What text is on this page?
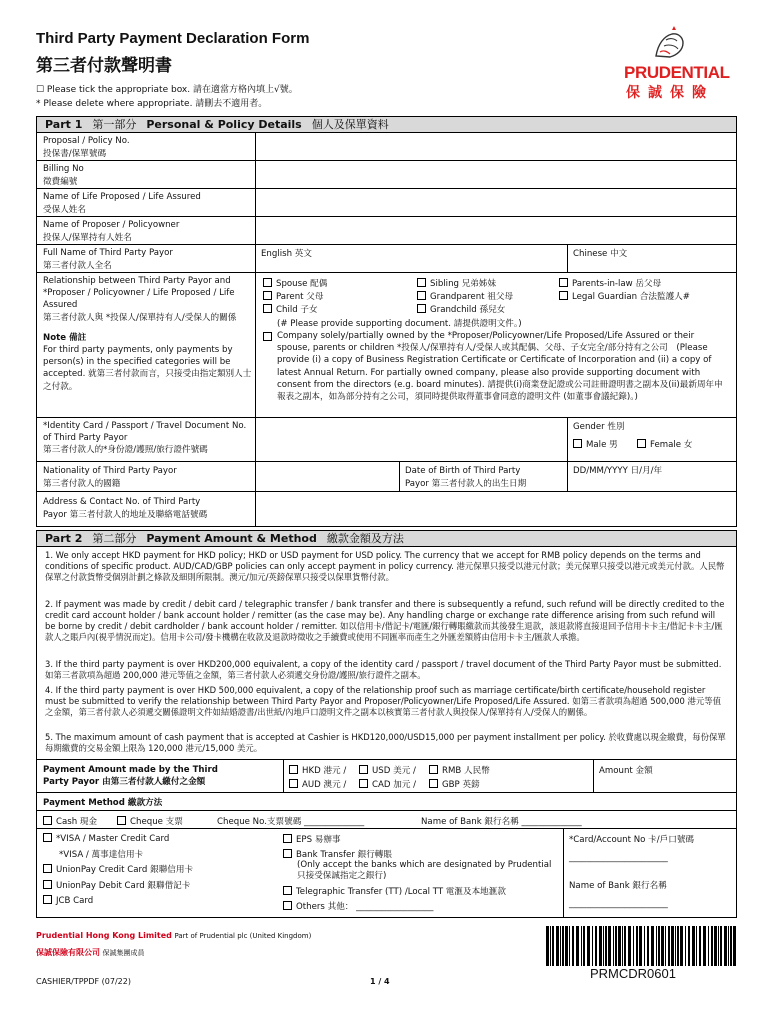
Third Party Payment Declaration Form
第三者付款聲明書
☐ Please tick the appropriate box. 請在適當方格內填上√號。
* Please delete where appropriate. 請刪去不適用者。
PRUDENTIAL
保誠保險
Part 1 第一部分 Personal & Policy Details 個人及保單資料
Proposal / Policy No.
投保書/保單號碼
Billing No
徵費編號
Name of Life Proposed / Life Assured
受保人姓名
Name of Proposer / Policyowner
投保人/保單持有人姓名
Full Name of Third Party Payor
第三者付款人全名
English 英文	Chinese 中文
Relationship between Third Party Payor and *Proposer / Policyowner / Life Proposed / Life Assured
第三者付款人與 *投保人/保單持有人/受保人的關係
Note 備註
For third party payments, only payments by person(s) in the specified categories will be accepted. 就第三者付款而言，只接受由指定類別人士之付款。
Spouse 配偶
Parent 父母
Child 子女
Sibling 兄弟姊妹
Grandparent 祖父母
Grandchild 孫兒女
Parents-in-law 岳父母
Legal Guardian 合法監護人#
(# Please provide supporting document. 請提供證明文件。)
Company solely/partially owned by the *Proposer/Policyowner/Life Proposed/Life Assured or their spouse, parents or children *投保人/保單持有人/受保人或其配偶、父母、子女完全/部分持有之公司　(Please provide (i) a copy of Business Registration Certificate or Certificate of Incorporation and (ii) a copy of latest Annual Return. For partially owned company, please also provide supporting document with consent from the directors (e.g. board minutes). 請提供(i)商業登記證或公司註冊證明書之副本及(ii)最新周年申報表之副本，如為部分持有之公司，須同時提供取得董事會同意的證明文件 (如董事會議紀錄)。)
*Identity Card / Passport / Travel Document No. of Third Party Payor
第三者付款人的*身份證/護照/旅行證件號碼
Gender 性別
Male 男	Female 女
Nationality of Third Party Payor
第三者付款人的國籍
Date of Birth of Third Party
Payor 第三者付款人的出生日期
DD/MM/YYYY 日/月/年
Address & Contact No. of Third Party
Payor 第三者付款人的地址及聯絡電話號碼
Part 2 第二部分 Payment Amount & Method 繳款金額及方法
1. We only accept HKD payment for HKD policy; HKD or USD payment for USD policy. The currency that we accept for RMB policy depends on the terms and conditions of specific product. AUD/CAD/GBP policies can only accept payment in policy currency. 港元保單只接受以港元付款；美元保單只接受以港元或美元付款。人民幣保單之付款貨幣受個別計劃之條款及細則所限制。澳元/加元/英鎊保單只接受以保單貨幣付款。
2. If payment was made by credit / debit card / telegraphic transfer / bank transfer and there is subsequently a refund, such refund will be directly credited to the credit card account holder / bank account holder / remitter (as the case may be). Any handling charge or exchange rate difference arising from such refund will be borne by credit / debit cardholder / bank account holder / remitter. 如以信用卡/借記卡/電匯/銀行轉賬繳款而其後發生退款，該退款將直接退回予信用卡卡主/借記卡卡主/匯款人之賬戶內(視乎情況而定)。信用卡公司/發卡機構在收款及退款時徵收之手續費或使用不同匯率而產生之外匯差額將由信用卡卡主/匯款人承擔。
3. If the third party payment is over HKD200,000 equivalent, a copy of the identity card / passport / travel document of the Third Party Payor must be submitted. 如第三者款項為超過 200,000 港元等值之金額，第三者付款人必須遞交身份證/護照/旅行證件之副本。
4. If the third party payment is over HKD 500,000 equivalent, a copy of the relationship proof such as marriage certificate/birth certificate/household register must be submitted to verify the relationship between Third Party Payor and Proposer/Policyowner/Life Proposed/Life Assured. 如第三者款項為超過 500,000 港元等值之金額，第三者付款人必須遞交關係證明文件如結婚證書/出世紙/內地戶口證明文件之副本以核實第三者付款人與投保人/保單持有人/受保人的關係。
5. The maximum amount of cash payment that is accepted at Cashier is HKD120,000/USD15,000 per payment installment per policy. 於收費處以現金繳費，每份保單每期繳費的交易金額上限為 120,000 港元/15,000 美元。
Payment Amount made by the Third
Party Payor 由第三者付款人繳付之金額
HKD 港元 /	USD 美元 /	RMB 人民幣
AUD 澳元 /	CAD 加元 /	GBP 英鎊
Amount 金額
Payment Method 繳款方法
Cash 現金	Cheque 支票	Cheque No.支票號碼 ______________	Name of Bank 銀行名稱 ______________
*VISA / Master Credit Card
*VISA / 萬事達信用卡
UnionPay Credit Card 銀聯信用卡
UnionPay Debit Card 銀聯借記卡
JCB Card
EPS 易辦事
Bank Transfer 銀行轉賬
(Only accept the banks which are designated by Prudential 只接受保誠指定之銀行)
Telegraphic Transfer (TT) /Local TT 電滙及本地滙款
Others 其他： __________________
*Card/Account No 卡/戶口號碼
_______________________
Name of Bank 銀行名稱
_______________________
Prudential Hong Kong Limited Part of Prudential plc (United Kingdom)
保誠保險有限公司 保誠集團成員
CASHIER/TPPDF (07/22)	1 / 4
PRMCDR0601
